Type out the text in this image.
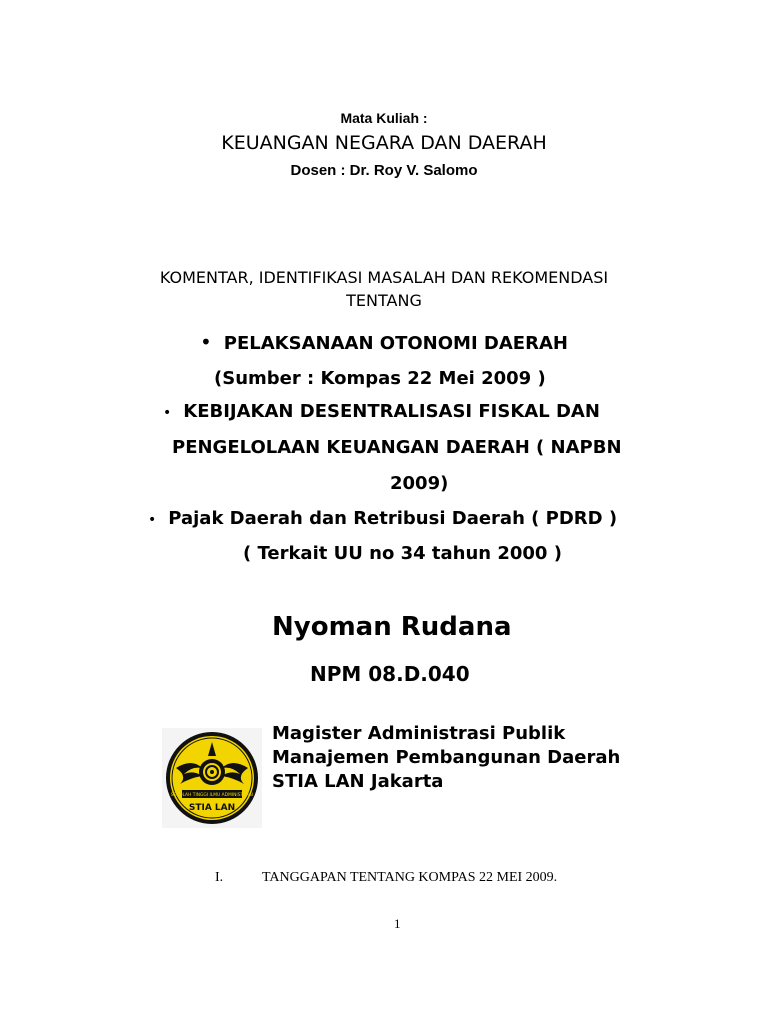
Mata Kuliah :
KEUANGAN NEGARA DAN DAERAH
Dosen : Dr. Roy V. Salomo
KOMENTAR, IDENTIFIKASI MASALAH DAN REKOMENDASI
TENTANG
• PELAKSANAAN OTONOMI DAERAH
(Sumber : Kompas 22 Mei 2009 )
• KEBIJAKAN DESENTRALISASI FISKAL DAN
PENGELOLAAN KEUANGAN DAERAH ( NAPBN
2009)
• Pajak Daerah dan Retribusi Daerah ( PDRD )
( Terkait UU no 34 tahun 2000 )
Nyoman Rudana
NPM 08.D.040
SEKOLAH TINGGI ILMU ADMINISTRASI
STIA LAN
Magister Administrasi Publik
Manajemen Pembangunan Daerah
STIA LAN Jakarta
I.	TANGGAPAN TENTANG KOMPAS 22 MEI 2009.
1
